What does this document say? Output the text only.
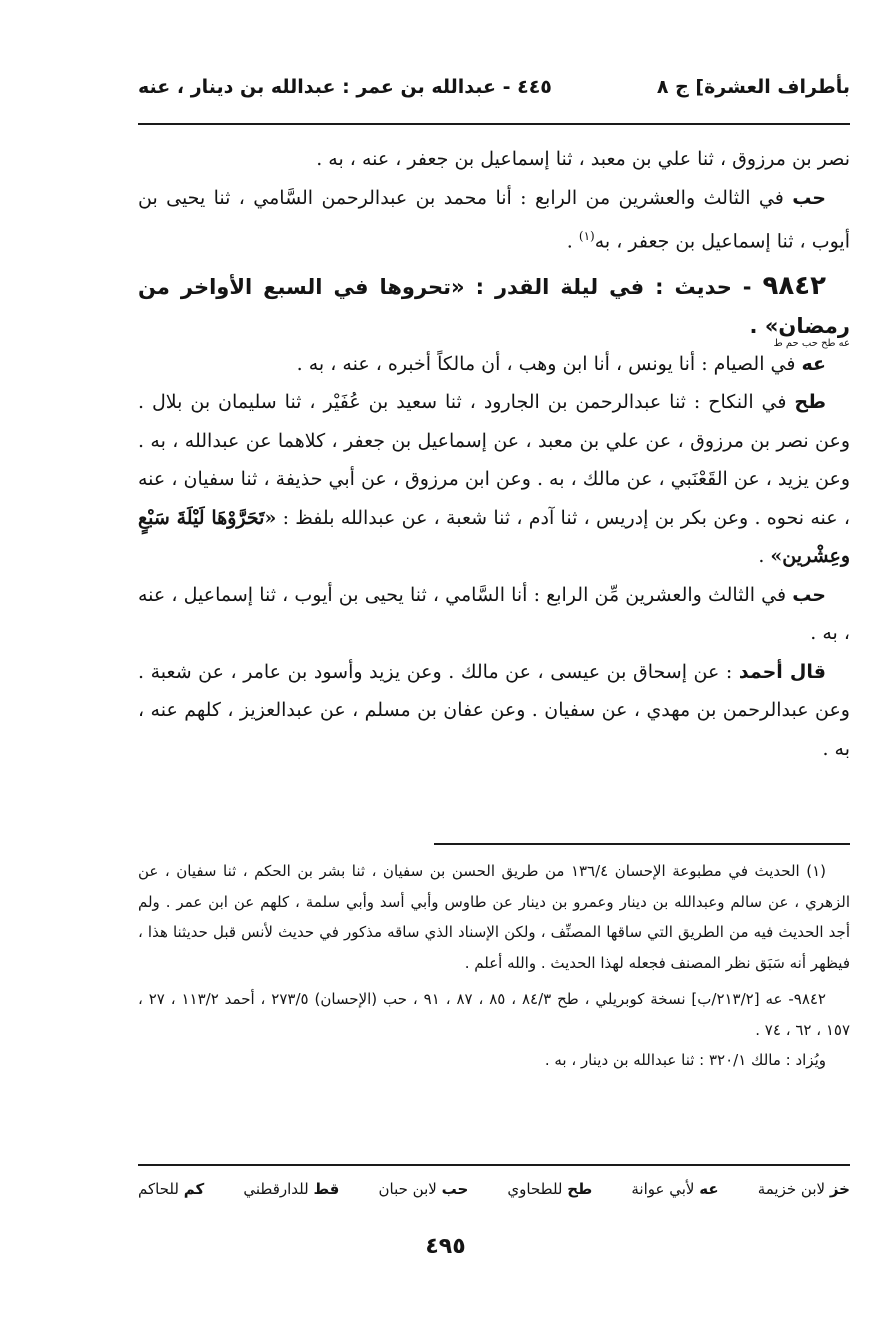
بأطراف العشرة] ج ٨
٤٤٥ - عبدالله بن عمر : عبدالله بن دينار ، عنه

نصر بن مرزوق ، ثنا علي بن معبد ، ثنا إسماعيل بن جعفر ، عنه ، به .

حب في الثالث والعشرين من الرابع : أنا محمد بن عبدالرحمن السَّامي ، ثنا يحيى بن أيوب ، ثنا إسماعيل بن جعفر ، به$^{(١)}$ .

٩٨٤٢ - حديث : في ليلة القدر : «تحروها في السبع الأواخر من رمضان» .

عه طح حب حم ط

عه في الصيام : أنا يونس ، أنا ابن وهب ، أن مالكاً أخبره ، عنه ، به .

طح في النكاح : ثنا عبدالرحمن بن الجارود ، ثنا سعيد بن عُفَيْر ، ثنا سليمان بن بلال . وعن نصر بن مرزوق ، عن علي بن معبد ، عن إسماعيل بن جعفر ، كلاهما عن عبدالله ، به . وعن يزيد ، عن القَعْنَبي ، عن مالك ، به . وعن ابن مرزوق ، عن أبي حذيفة ، ثنا سفيان ، عنه ، عنه نحوه . وعن بكر بن إدريس ، ثنا آدم ، ثنا شعبة ، عن عبدالله بلفظ : «تَحَرَّوْهَا لَيْلَةَ سَبْعٍ وعِشْرين» .

حب في الثالث والعشرين مِّن الرابع : أنا السَّامي ، ثنا يحيى بن أيوب ، ثنا إسماعيل ، عنه ، به .

قال أحمد : عن إسحاق بن عيسى ، عن مالك . وعن يزيد وأسود بن عامر ، عن شعبة . وعن عبدالرحمن بن مهدي ، عن سفيان . وعن عفان بن مسلم ، عن عبدالعزيز ، كلهم عنه ، به .

(١) الحديث في مطبوعة الإحسان ١٣٦/٤ من طريق الحسن بن سفيان ، ثنا بشر بن الحكم ، ثنا سفيان ، عن الزهري ، عن سالم وعبدالله بن دينار وعمرو بن دينار عن طاوس وأبي أسد وأبي سلمة ، كلهم عن ابن عمر . ولم أجد الحديث فيه من الطريق التي ساقها المصنِّف ، ولكن الإسناد الذي ساقه مذكور في حديث لأنس قبل حديثنا هذا ، فيظهر أنه سَبَق نظر المصنف فجعله لهذا الحديث . والله أعلم .

٩٨٤٢- عه [٢١٣/٢/ب] نسخة كوبريلي ، طح ٨٤/٣ ، ٨٥ ، ٨٧ ، ٩١ ، حب (الإحسان) ٢٧٣/٥ ، أحمد ١١٣/٢ ، ٢٧ ، ١٥٧ ، ٦٢ ، ٧٤ .

ويُزاد : مالك ٣٢٠/١ : ثنا عبدالله بن دينار ، به .

خز لابن خزيمة
عه لأبي عوانة
طح للطحاوي
حب لابن حبان
قط للدارقطني
كم للحاكم
٤٩٥
